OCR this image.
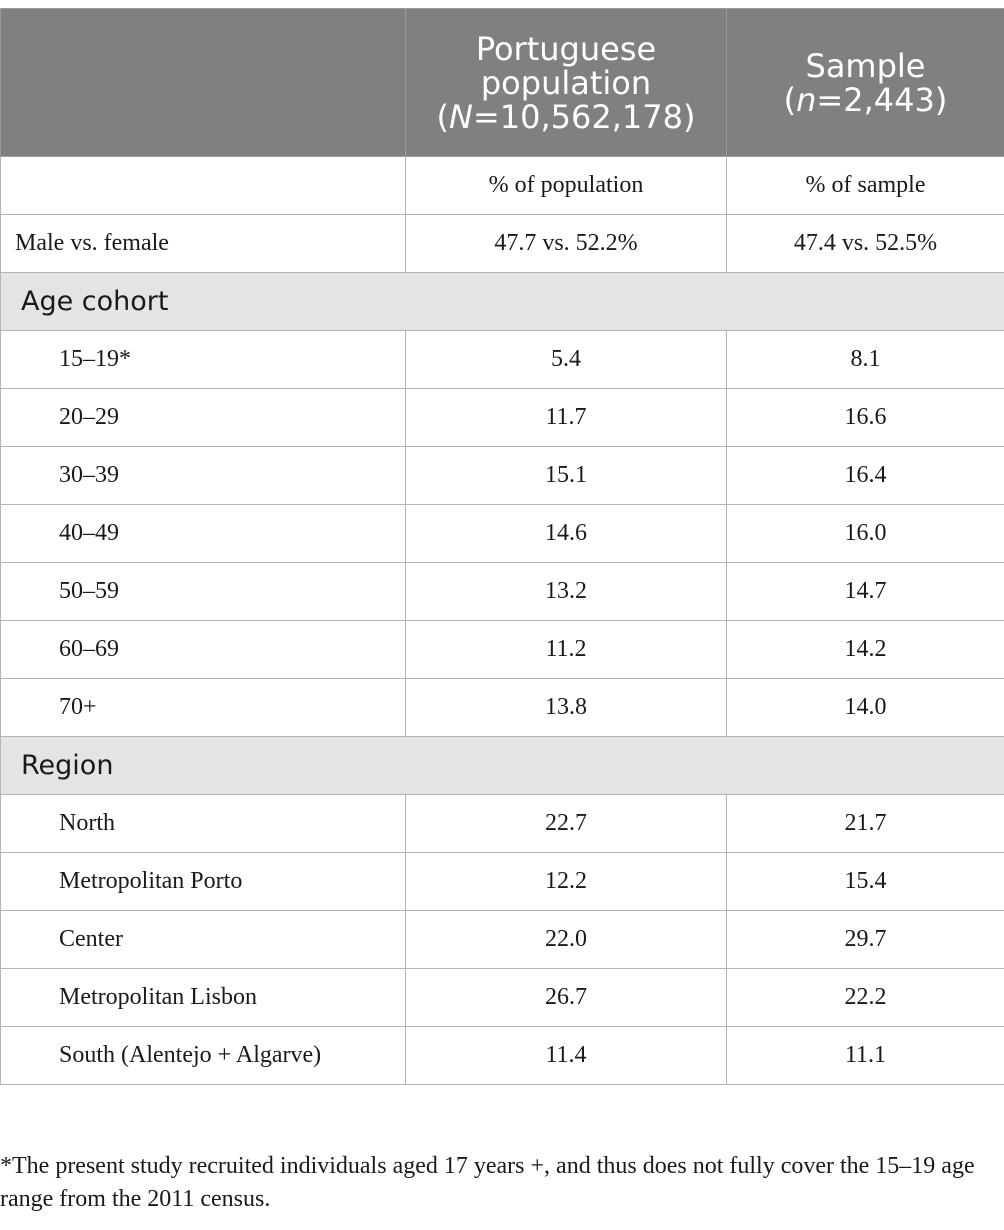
	Portuguese
population
(N=10,562,178)	Sample
(n=2,443)

	% of population	% of sample
Male vs. female	47.7 vs. 52.2%	47.4 vs. 52.5%
Age cohort		
15–19*	5.4	8.1
20–29	11.7	16.6
30–39	15.1	16.4
40–49	14.6	16.0
50–59	13.2	14.7
60–69	11.2	14.2
70+	13.8	14.0
Region		
North	22.7	21.7
Metropolitan Porto	12.2	15.4
Center	22.0	29.7
Metropolitan Lisbon	26.7	22.2
South (Alentejo + Algarve)	11.4	11.1

*The present study recruited individuals aged 17 years +, and thus does not fully cover the 15–19 age range from the 2011 census.
